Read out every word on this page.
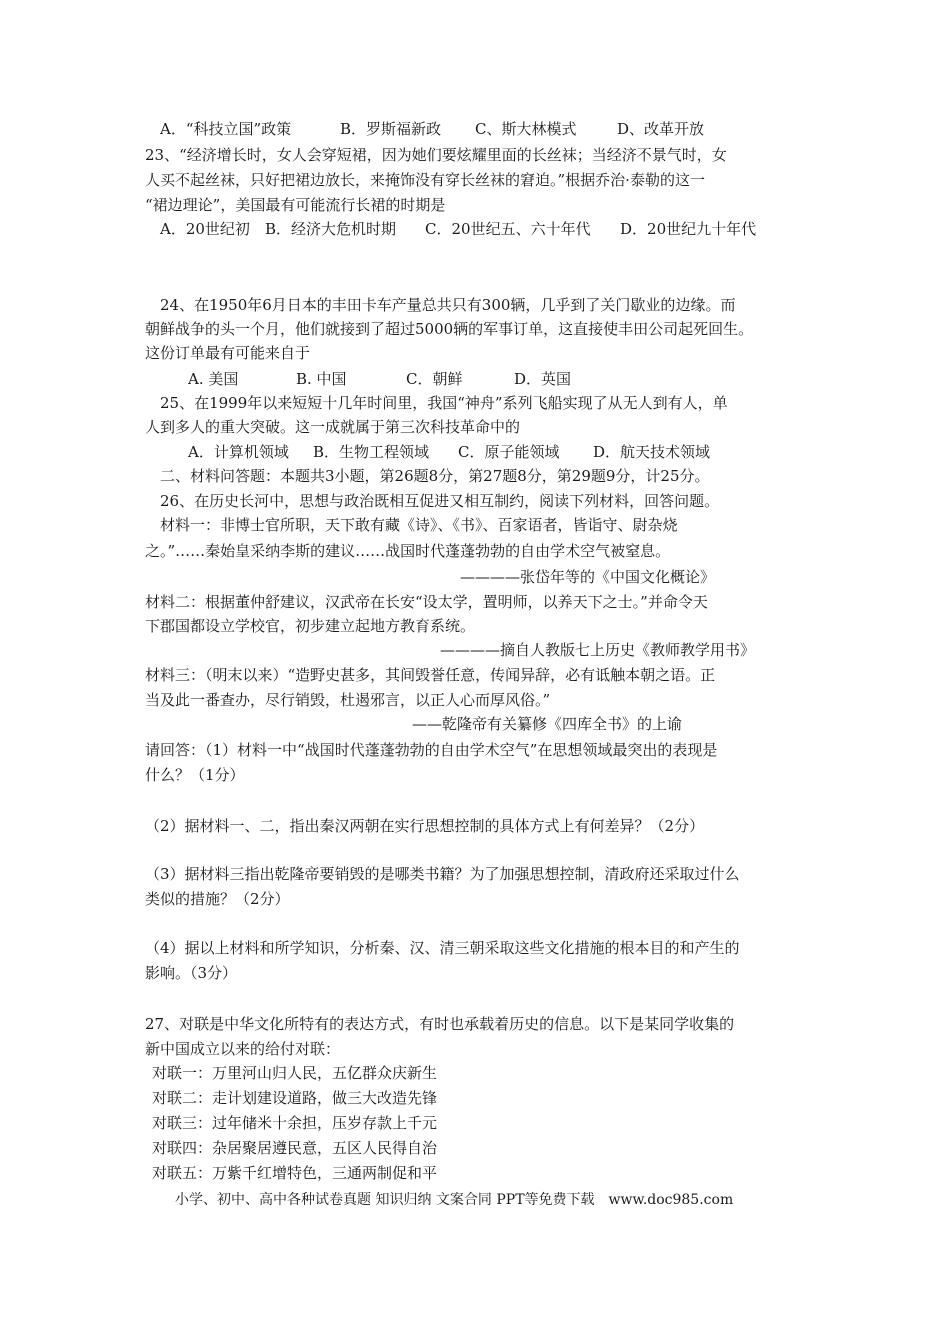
A．“科技立国”政策	B．罗斯福新政 C、斯大林模式	D、改革开放
23、“经济增长时，女人会穿短裙，因为她们要炫耀里面的长丝袜；当经济不景气时，女
人买不起丝袜，只好把裙边放长，来掩饰没有穿长丝袜的窘迫。”根据乔治·泰勒的这一
“裙边理论”，美国最有可能流行长裙的时期是
A．20世纪初 B．经济大危机时期 C．20世纪五、六十年代 D．20世纪九十年代
24、在1950年6月日本的丰田卡车产量总共只有300辆，几乎到了关门歇业的边缘。而
朝鲜战争的头一个月，他们就接到了超过5000辆的军事订单，这直接使丰田公司起死回生。
这份订单最有可能来自于
A. 美国	B. 中国	C．朝鲜	D．英国
25、在1999年以来短短十几年时间里，我国“神舟”系列飞船实现了从无人到有人，单
人到多人的重大突破。这一成就属于第三次科技革命中的
A．计算机领域 B．生物工程领域 C．原子能领域 D．航天技术领域
二、材料问答题：本题共3小题，第26题8分，第27题8分，第29题9分，计25分。
26、在历史长河中，思想与政治既相互促进又相互制约，阅读下列材料，回答问题。
材料一：非博士官所职，天下敢有藏《诗》、《书》、百家语者，皆诣守、尉杂烧
之。”……秦始皇采纳李斯的建议……战国时代蓬蓬勃勃的自由学术空气被窒息。
————张岱年等的《中国文化概论》
材料二：根据董仲舒建议，汉武帝在长安“设太学，置明师，以养天下之士。”并命令天
下郡国都设立学校官，初步建立起地方教育系统。
————摘自人教版七上历史《教师教学用书》
材料三：（明末以来）“造野史甚多，其间毁誉任意，传闻异辞，必有诋触本朝之语。正
当及此一番查办，尽行销毁，杜遏邪言，以正人心而厚风俗。”
——乾隆帝有关纂修《四库全书》的上谕
请回答：（1）材料一中“战国时代蓬蓬勃勃的自由学术空气”在思想领域最突出的表现是
什么？（1分）
（2）据材料一、二，指出秦汉两朝在实行思想控制的具体方式上有何差异？（2分）
（3）据材料三指出乾隆帝要销毁的是哪类书籍？为了加强思想控制，清政府还采取过什么
类似的措施？（2分）
（4）据以上材料和所学知识，分析秦、汉、清三朝采取这些文化措施的根本目的和产生的
影响。（3分）
27、对联是中华文化所特有的表达方式，有时也承载着历史的信息。以下是某同学收集的
新中国成立以来的给付对联：
对联一：万里河山归人民，五亿群众庆新生
对联二：走计划建设道路，做三大改造先锋
对联三：过年储米十余担，压岁存款上千元
对联四：杂居聚居遵民意，五区人民得自治
对联五：万紫千红增特色，三通两制促和平
小学、初中、高中各种试卷真题 知识归纳 文案合同 PPT等免费下载　www.doc985.com
